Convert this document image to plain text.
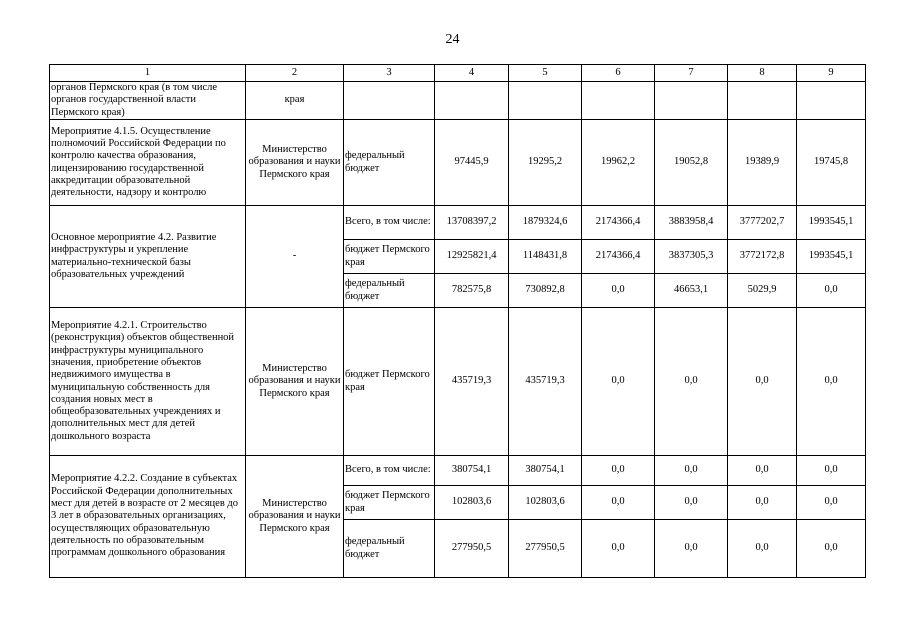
24
1	2	3	4	5	6	7	8	9
органов Пермского края (в том числе органов государственной власти Пермского края)	края							
Мероприятие 4.1.5. Осуществление полномочий Российской Федерации по контролю качества образования, лицензированию государственной аккредитации образовательной деятельности, надзору и контролю	Министерство образования и науки Пермского края	федеральный бюджет	97445,9	19295,2	19962,2	19052,8	19389,9	19745,8
Основное мероприятие 4.2. Развитие инфраструктуры и укрепление материально-технической базы образовательных учреждений	-	Всего, в том числе:	13708397,2	1879324,6	2174366,4	3883958,4	3777202,7	1993545,1
		бюджет Пермского края	12925821,4	1148431,8	2174366,4	3837305,3	3772172,8	1993545,1
		федеральный бюджет	782575,8	730892,8	0,0	46653,1	5029,9	0,0
Мероприятие 4.2.1. Строительство (реконструкция) объектов общественной инфраструктуры муниципального значения, приобретение объектов недвижимого имущества в муниципальную собственность для создания новых мест в общеобразовательных учреждениях и дополнительных мест для детей дошкольного возраста	Министерство образования и науки Пермского края	бюджет Пермского края	435719,3	435719,3	0,0	0,0	0,0	0,0
Мероприятие 4.2.2. Создание в субъектах Российской Федерации дополнительных мест для детей в возрасте от 2 месяцев до 3 лет в образовательных организациях, осуществляющих образовательную деятельность по образовательным программам дошкольного образования	Министерство образования и науки Пермского края	Всего, в том числе:	380754,1	380754,1	0,0	0,0	0,0	0,0
		бюджет Пермского края	102803,6	102803,6	0,0	0,0	0,0	0,0
		федеральный бюджет	277950,5	277950,5	0,0	0,0	0,0	0,0
